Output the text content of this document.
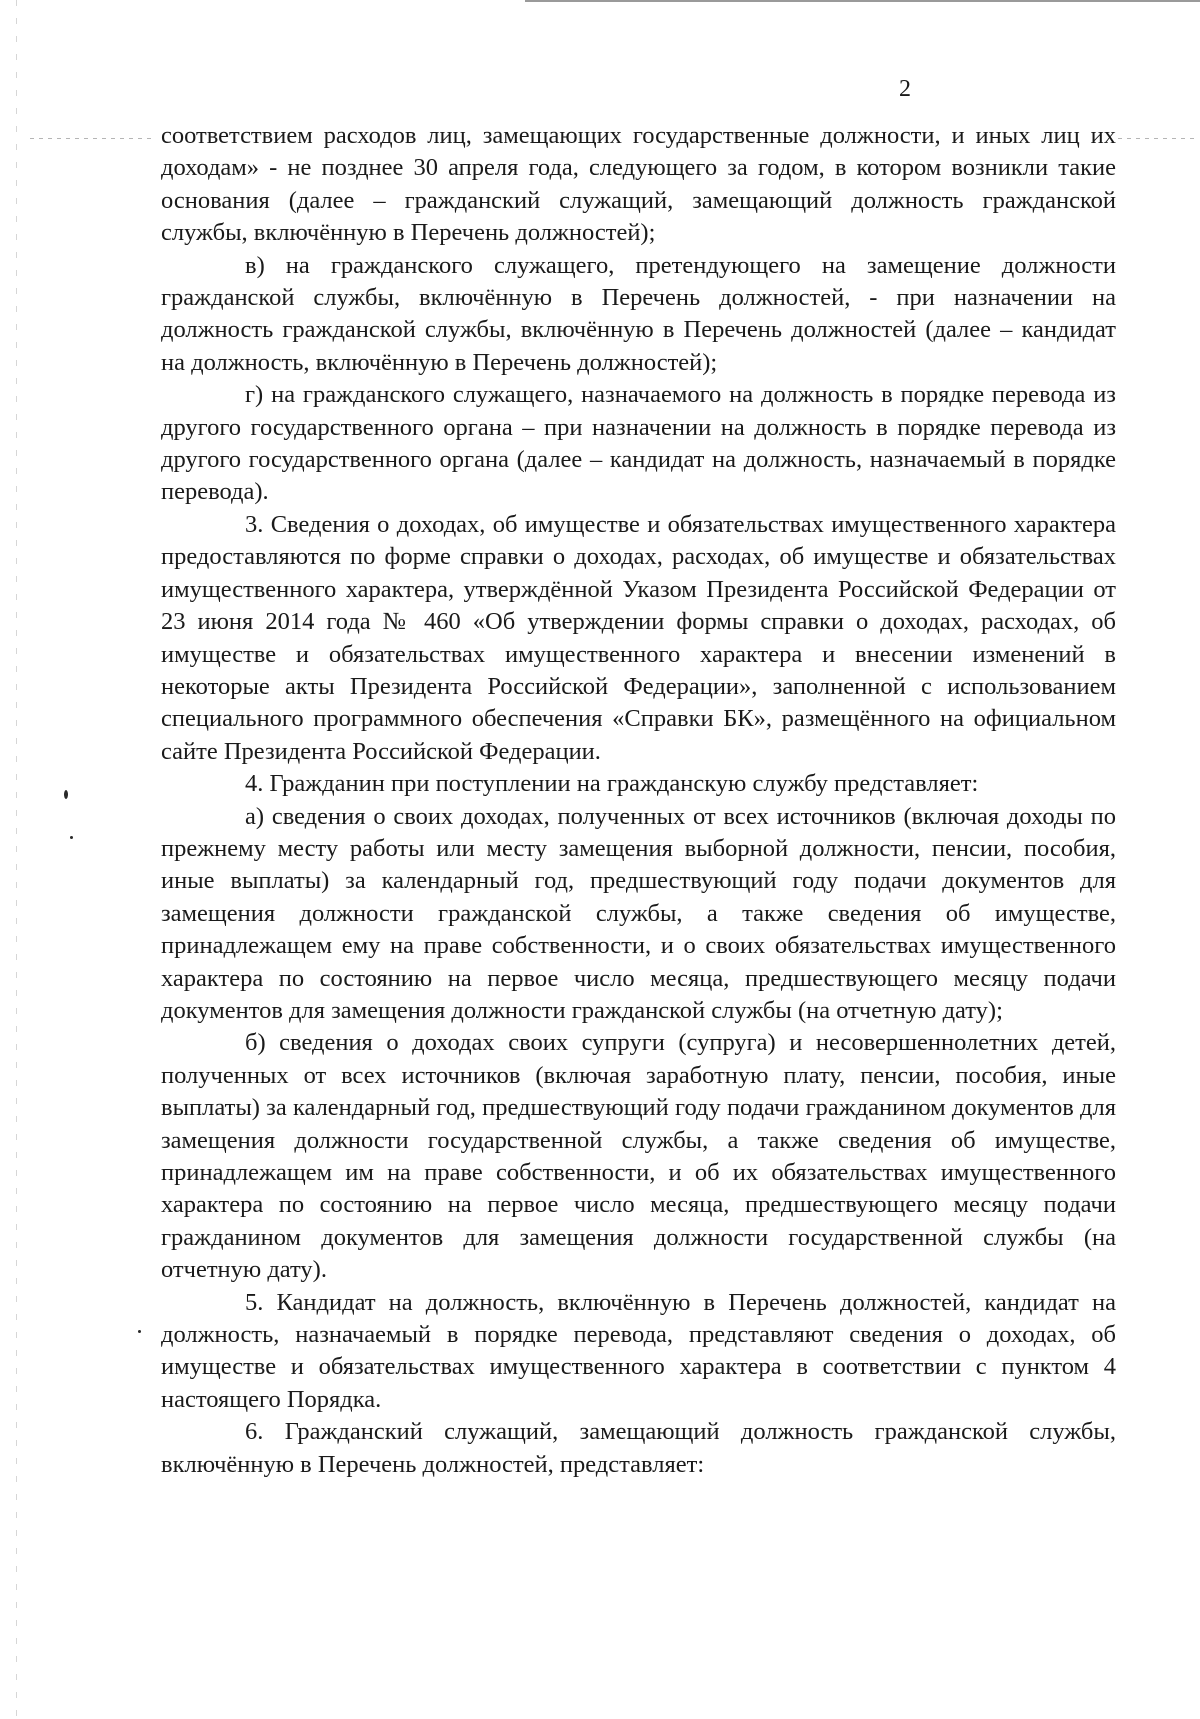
2

соответствием расходов лиц, замещающих государственные должности, и иных лиц их доходам» - не позднее 30 апреля года, следующего за годом, в котором возникли такие основания (далее – гражданский служащий, замещающий должность гражданской службы, включённую в Перечень должностей);

в) на гражданского служащего, претендующего на замещение должности гражданской службы, включённую в Перечень должностей, - при назначении на должность гражданской службы, включённую в Перечень должностей (далее – кандидат на должность, включённую в Перечень должностей);

г) на гражданского служащего, назначаемого на должность в порядке перевода из другого государственного органа – при назначении на должность в порядке перевода из другого государственного органа (далее – кандидат на должность, назначаемый в порядке перевода).

3. Сведения о доходах, об имуществе и обязательствах имущественного характера предоставляются по форме справки о доходах, расходах, об имуществе и обязательствах имущественного характера, утверждённой Указом Президента Российской Федерации от 23 июня 2014 года № 460 «Об утверждении формы справки о доходах, расходах, об имуществе и обязательствах имущественного характера и внесении изменений в некоторые акты Президента Российской Федерации», заполненной с использованием специального программного обеспечения «Справки БК», размещённого на официальном сайте Президента Российской Федерации.

4. Гражданин при поступлении на гражданскую службу представляет:

а) сведения о своих доходах, полученных от всех источников (включая доходы по прежнему месту работы или месту замещения выборной должности, пенсии, пособия, иные выплаты) за календарный год, предшествующий году подачи документов для замещения должности гражданской службы, а также сведения об имуществе, принадлежащем ему на праве собственности, и о своих обязательствах имущественного характера по состоянию на первое число месяца, предшествующего месяцу подачи документов для замещения должности гражданской службы (на отчетную дату);

б) сведения о доходах своих супруги (супруга) и несовершеннолетних детей, полученных от всех источников (включая заработную плату, пенсии, пособия, иные выплаты) за календарный год, предшествующий году подачи гражданином документов для замещения должности государственной службы, а также сведения об имуществе, принадлежащем им на праве собственности, и об их обязательствах имущественного характера по состоянию на первое число месяца, предшествующего месяцу подачи гражданином документов для замещения должности государственной службы (на отчетную дату).

5. Кандидат на должность, включённую в Перечень должностей, кандидат на должность, назначаемый в порядке перевода, представляют сведения о доходах, об имуществе и обязательствах имущественного характера в соответствии с пунктом 4 настоящего Порядка.

6. Гражданский служащий, замещающий должность гражданской службы, включённую в Перечень должностей, представляет:
